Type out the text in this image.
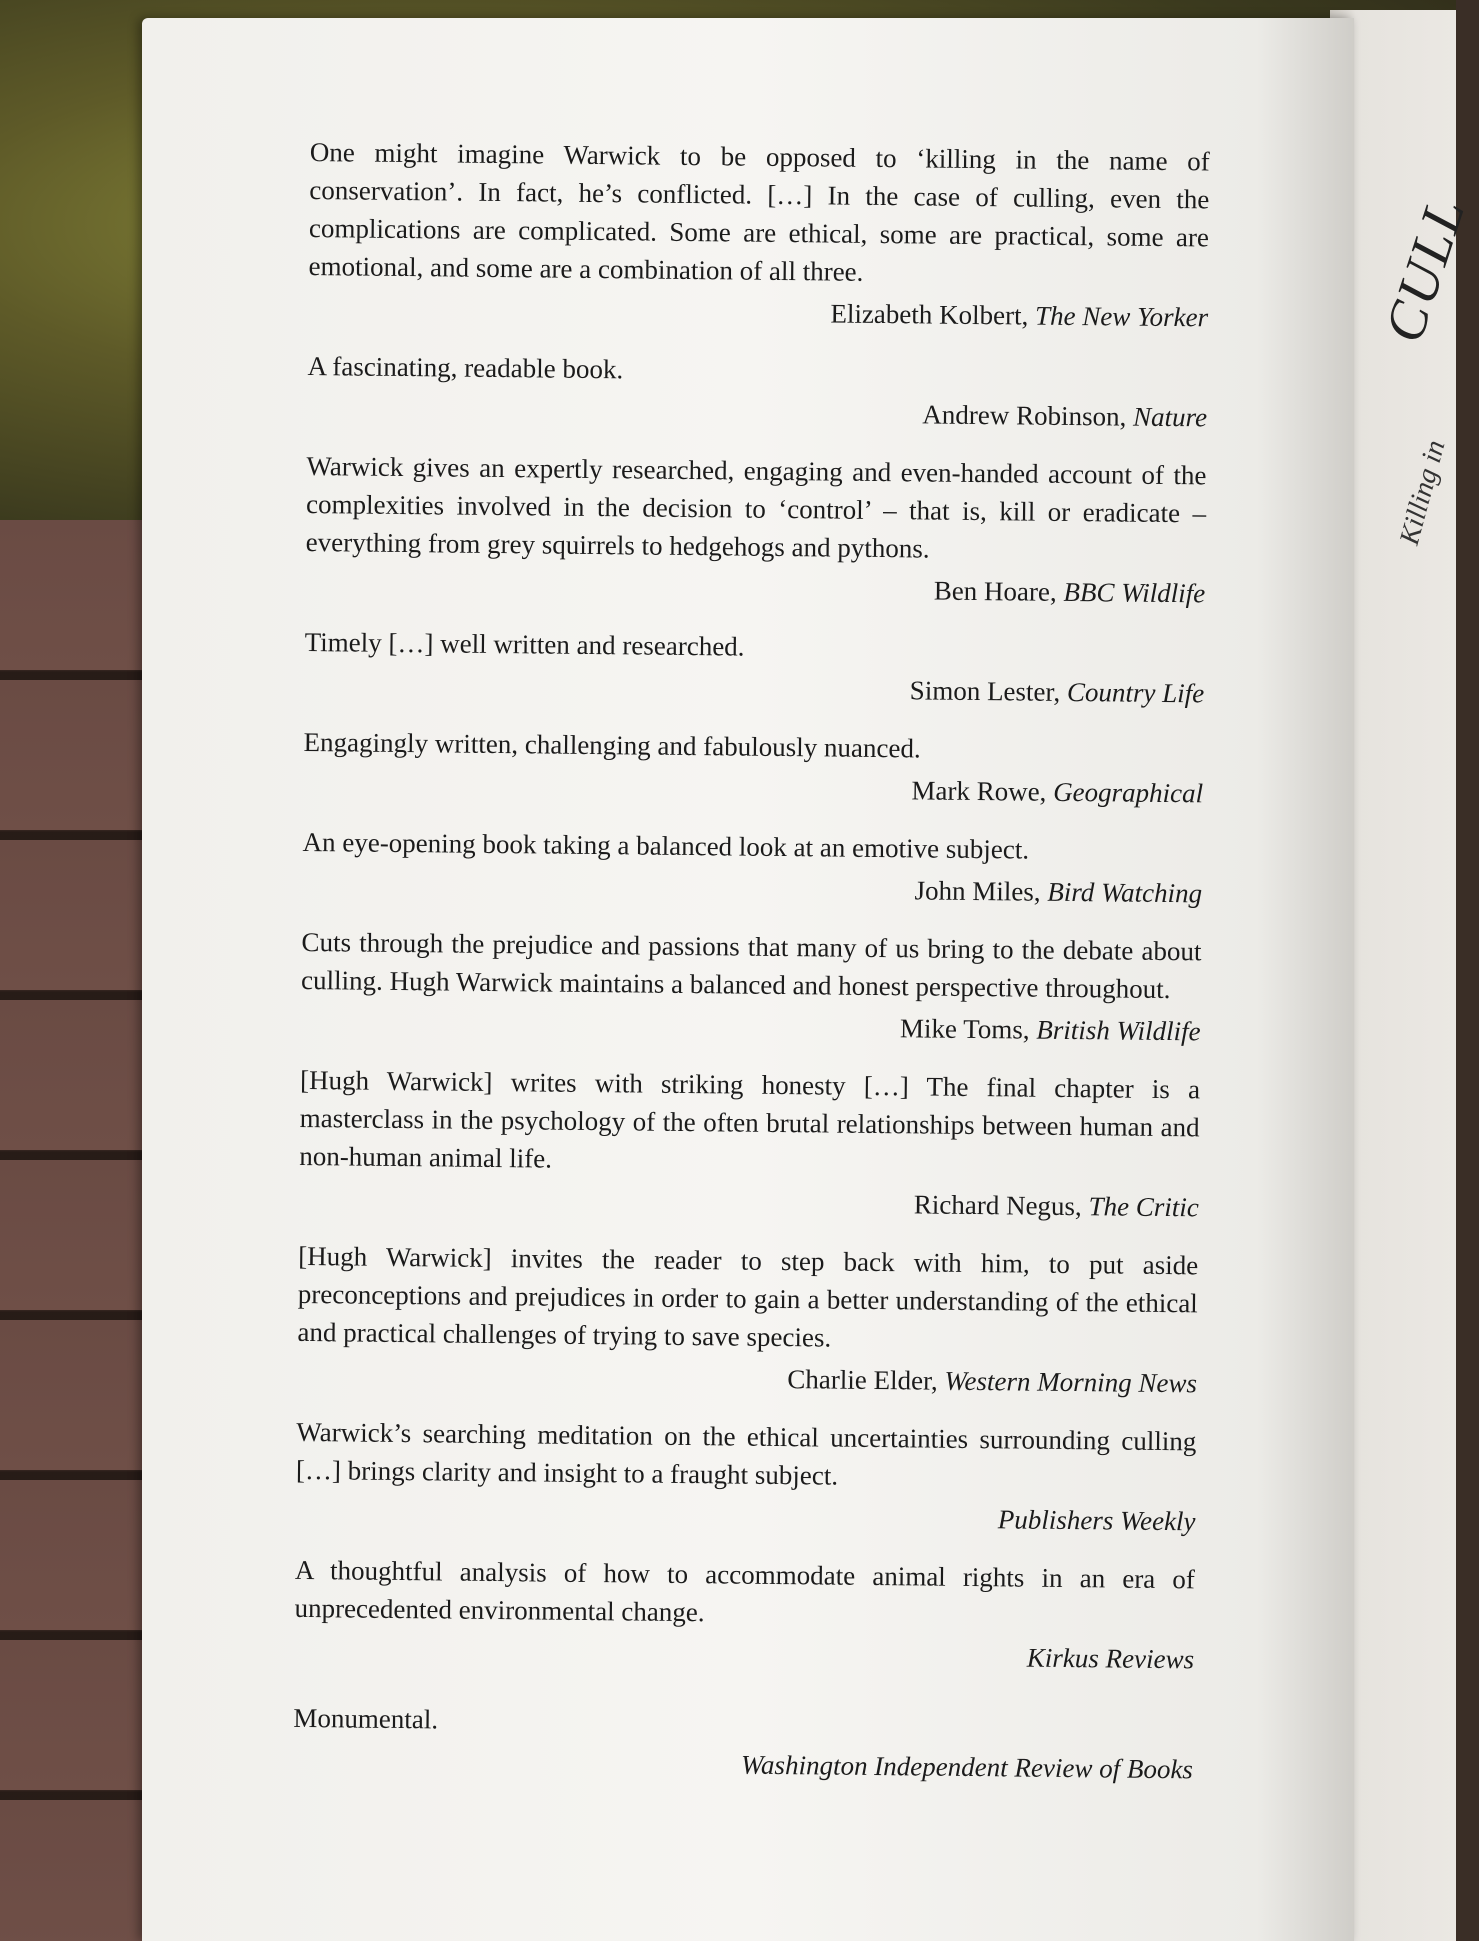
CULL
Killing in

One might imagine Warwick to be opposed to ‘killing in the name of conservation’. In fact, he’s conflicted. […] In the case of culling, even the complications are complicated. Some are ethical, some are practical, some are emotional, and some are a combination of all three.

Elizabeth Kolbert, The New Yorker

A fascinating, readable book.

Andrew Robinson, Nature

Warwick gives an expertly researched, engaging and even-handed account of the complexities involved in the decision to ‘control’ – that is, kill or eradicate – everything from grey squirrels to hedgehogs and pythons.

Ben Hoare, BBC Wildlife

Timely […] well written and researched.

Simon Lester, Country Life

Engagingly written, challenging and fabulously nuanced.

Mark Rowe, Geographical

An eye-opening book taking a balanced look at an emotive subject.

John Miles, Bird Watching

Cuts through the prejudice and passions that many of us bring to the debate about culling. Hugh Warwick maintains a balanced and honest perspective throughout.

Mike Toms, British Wildlife

[Hugh Warwick] writes with striking honesty […] The final chapter is a masterclass in the psychology of the often brutal relationships between human and non-human animal life.

Richard Negus, The Critic

[Hugh Warwick] invites the reader to step back with him, to put aside preconceptions and prejudices in order to gain a better understanding of the ethical and practical challenges of trying to save species.

Charlie Elder, Western Morning News

Warwick’s searching meditation on the ethical uncertainties surrounding culling […] brings clarity and insight to a fraught subject.

Publishers Weekly

A thoughtful analysis of how to accommodate animal rights in an era of unprecedented environmental change.

Kirkus Reviews

Monumental.

Washington Independent Review of Books
